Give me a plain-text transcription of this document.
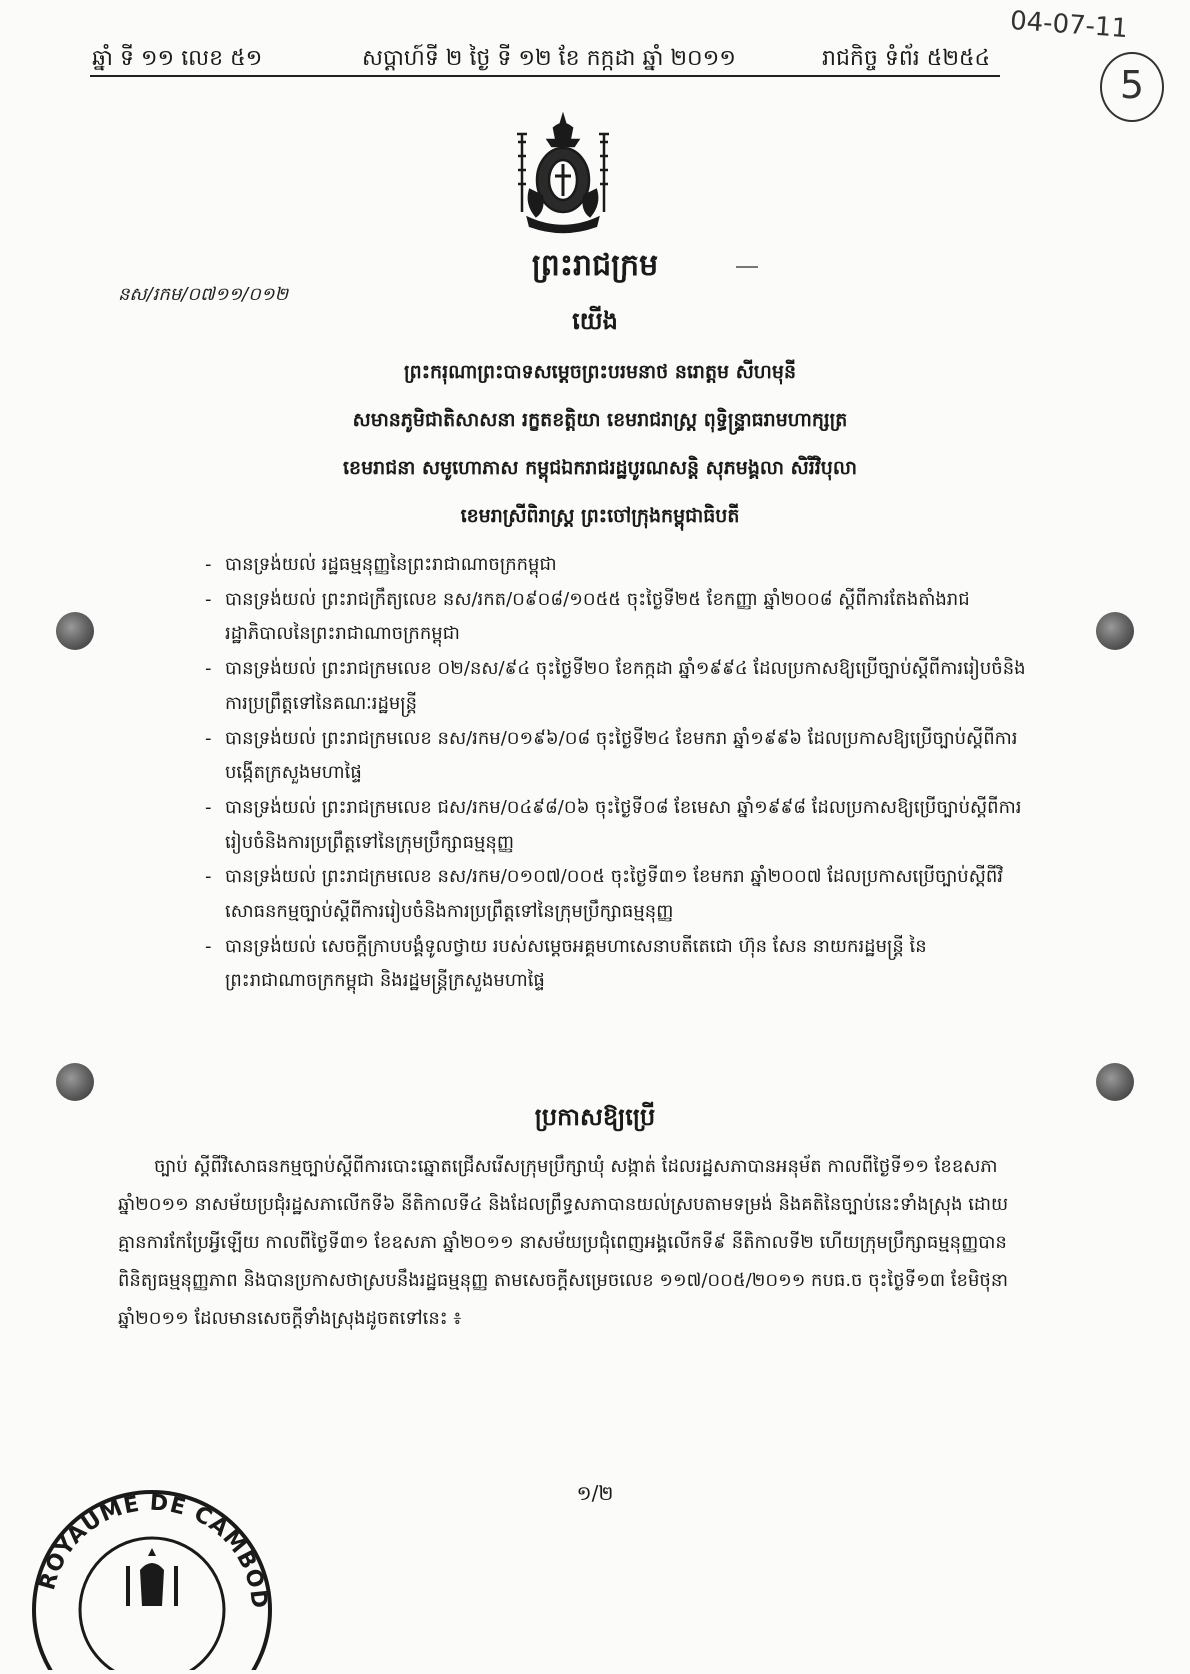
ឆ្នាំ ទី ១១ លេខ ៥១	សប្តាហ៍ទី ២ ថ្ងៃ ទី ១២ ខែ កក្កដា ឆ្នាំ ២០១១	រាជកិច្ច ទំព័រ ៥២៥៤
04-07-11
5
នស/រកម/០៧១១/០១២
ព្រះរាជក្រម
យើង
ព្រះករុណាព្រះបាទសម្តេចព្រះបរមនាថ នរោត្តម សីហមុនី
សមានភូមិជាតិសាសនា រក្ខតខត្តិយា ខេមរាជរាស្ត្រ ពុទ្ធិន្ទ្រាធរាមហាក្សត្រ
ខេមរាជនា សមូហោភាស កម្ពុជឯករាជរដ្ឋបូរណសន្តិ សុភមង្គលា សិរីវិបុលា
ខេមរាស្រីពិរាស្ត្រ ព្រះចៅក្រុងកម្ពុជាធិបតី
- បានទ្រង់យល់ រដ្ឋធម្មនុញ្ញនៃព្រះរាជាណាចក្រកម្ពុជា
- បានទ្រង់យល់ ព្រះរាជក្រឹត្យលេខ នស/រកត/០៩០៨/១០៥៥ ចុះថ្ងៃទី២៥ ខែកញ្ញា ឆ្នាំ២០០៨ ស្តីពីការតែងតាំងរាជរដ្ឋាភិបាលនៃព្រះរាជាណាចក្រកម្ពុជា
- បានទ្រង់យល់ ព្រះរាជក្រមលេខ ០២/នស/៩៤ ចុះថ្ងៃទី២០ ខែកក្កដា ឆ្នាំ១៩៩៤ ដែលប្រកាសឱ្យប្រើច្បាប់ស្តីពីការរៀបចំនិងការប្រព្រឹត្តទៅនៃគណៈរដ្ឋមន្ត្រី
- បានទ្រង់យល់ ព្រះរាជក្រមលេខ នស/រកម/០១៩៦/០៨ ចុះថ្ងៃទី២៤ ខែមករា ឆ្នាំ១៩៩៦ ដែលប្រកាសឱ្យប្រើច្បាប់ស្តីពីការបង្កើតក្រសួងមហាផ្ទៃ
- បានទ្រង់យល់ ព្រះរាជក្រមលេខ ជស/រកម/០៤៩៨/០៦ ចុះថ្ងៃទី០៨ ខែមេសា ឆ្នាំ១៩៩៨ ដែលប្រកាសឱ្យប្រើច្បាប់ស្តីពីការរៀបចំនិងការប្រព្រឹត្តទៅនៃក្រុមប្រឹក្សាធម្មនុញ្ញ
- បានទ្រង់យល់ ព្រះរាជក្រមលេខ នស/រកម/០១០៧/០០៥ ចុះថ្ងៃទី៣១ ខែមករា ឆ្នាំ២០០៧ ដែលប្រកាសប្រើច្បាប់ស្តីពីវិសោធនកម្មច្បាប់ស្តីពីការរៀបចំនិងការប្រព្រឹត្តទៅនៃក្រុមប្រឹក្សាធម្មនុញ្ញ
- បានទ្រង់យល់ សេចក្តីក្រាបបង្គំទូលថ្វាយ របស់សម្តេចអគ្គមហាសេនាបតីតេជោ ហ៊ុន សែន នាយករដ្ឋមន្ត្រី នៃព្រះរាជាណាចក្រកម្ពុជា និងរដ្ឋមន្ត្រីក្រសួងមហាផ្ទៃ
ប្រកាសឱ្យប្រើ
ច្បាប់ ស្តីពីវិសោធនកម្មច្បាប់ស្តីពីការបោះឆ្នោតជ្រើសរើសក្រុមប្រឹក្សាឃុំ សង្កាត់ ដែលរដ្ឋសភាបានអនុម័ត កាលពីថ្ងៃទី១១ ខែឧសភា ឆ្នាំ២០១១ នាសម័យប្រជុំរដ្ឋសភាលើកទី៦ នីតិកាលទី៤ និងដែលព្រឹទ្ធសភាបានយល់ស្របតាមទម្រង់ និងគតិនៃច្បាប់នេះទាំងស្រុង ដោយគ្មានការកែប្រែអ្វីឡើយ កាលពីថ្ងៃទី៣១ ខែឧសភា ឆ្នាំ២០១១ នាសម័យប្រជុំពេញអង្គលើកទី៩ នីតិកាលទី២ ហើយក្រុមប្រឹក្សាធម្មនុញ្ញបានពិនិត្យធម្មនុញ្ញភាព និងបានប្រកាសថាស្របនឹងរដ្ឋធម្មនុញ្ញ តាមសេចក្តីសម្រេចលេខ ១១៧/០០៥/២០១១ កបធ.ច ចុះថ្ងៃទី១៣ ខែមិថុនា ឆ្នាំ២០១១ ដែលមានសេចក្តីទាំងស្រុងដូចតទៅនេះ ៖
១/២
ROYAUME DE CAMBOD
